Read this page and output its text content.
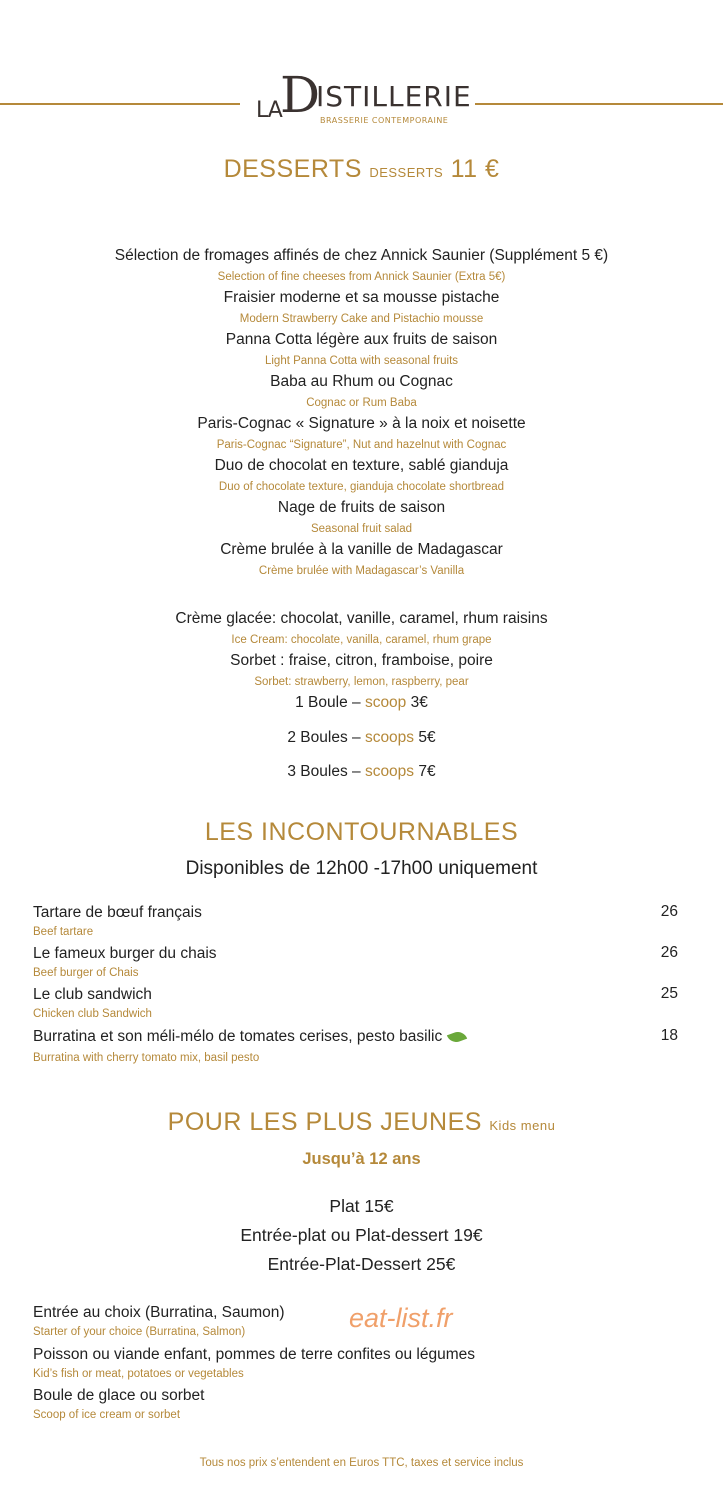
LA
D
ISTILLERIE
BRASSERIE CONTEMPORAINE
DESSERTS DESSERTS 11 €
Sélection de fromages affinés de chez Annick Saunier (Supplément 5 €)
Selection of fine cheeses from Annick Saunier (Extra 5€)
Fraisier moderne et sa mousse pistache
Modern Strawberry Cake and Pistachio mousse
Panna Cotta légère aux fruits de saison
Light Panna Cotta with seasonal fruits
Baba au Rhum ou Cognac
Cognac or Rum Baba
Paris-Cognac « Signature » à la noix et noisette
Paris-Cognac “Signature”, Nut and hazelnut with Cognac
Duo de chocolat en texture, sablé gianduja
Duo of chocolate texture, gianduja chocolate shortbread
Nage de fruits de saison
Seasonal fruit salad
Crème brulée à la vanille de Madagascar
Crème brulée with Madagascar’s Vanilla
Crème glacée: chocolat, vanille, caramel, rhum raisins
Ice Cream: chocolate, vanilla, caramel, rhum grape
Sorbet : fraise, citron, framboise, poire
Sorbet: strawberry, lemon, raspberry, pear
1 Boule – scoop 3€
2 Boules – scoops 5€
3 Boules – scoops 7€
LES INCONTOURNABLES
Disponibles de 12h00 -17h00 uniquement
Tartare de bœuf français
Beef tartare
26
Le fameux burger du chais
Beef burger of Chais
26
Le club sandwich
Chicken club Sandwich
25
Burratina et son méli-mélo de tomates cerises, pesto basilic
Burratina with cherry tomato mix, basil pesto
18
POUR LES PLUS JEUNES Kids menu
Jusqu’à 12 ans
Plat 15€
Entrée-plat ou Plat-dessert 19€
Entrée-Plat-Dessert 25€
Entrée au choix (Burratina, Saumon)
Starter of your choice (Burratina, Salmon)
Poisson ou viande enfant, pommes de terre confites ou légumes
Kid’s fish or meat, potatoes or vegetables
Boule de glace ou sorbet
Scoop of ice cream or sorbet
eat-list.fr
Tous nos prix s’entendent en Euros TTC, taxes et service inclus
